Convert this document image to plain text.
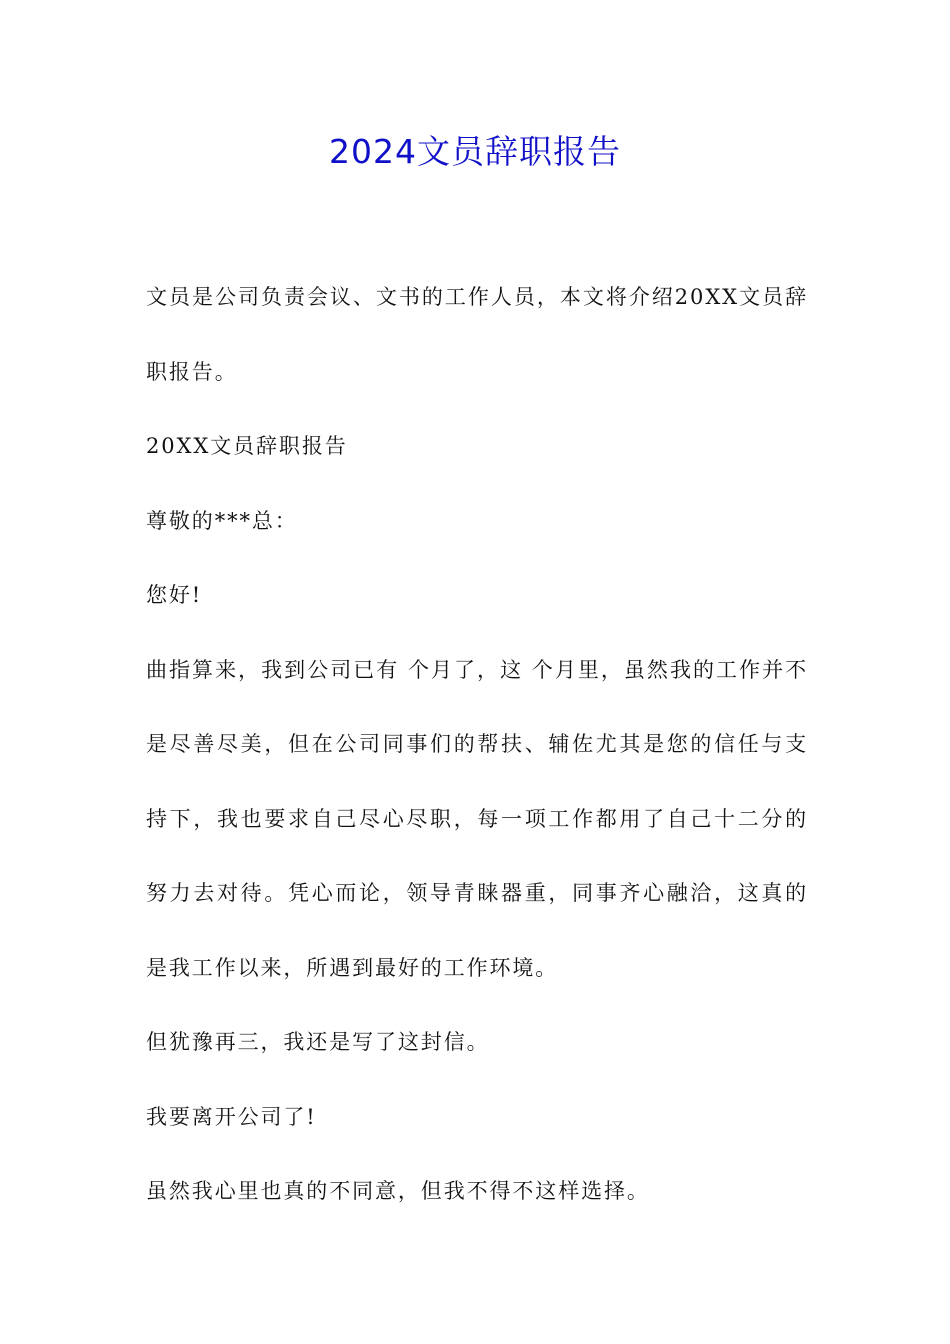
2024文员辞职报告

文员是公司负责会议、文书的工作人员，本文将介绍20XX文员辞职报告。

20XX文员辞职报告

尊敬的***总：

您好!

曲指算来，我到公司已有 个月了，这 个月里，虽然我的工作并不是尽善尽美，但在公司同事们的帮扶、辅佐尤其是您的信任与支持下，我也要求自己尽心尽职，每一项工作都用了自己十二分的努力去对待。凭心而论，领导青睐器重，同事齐心融洽，这真的是我工作以来，所遇到最好的工作环境。

但犹豫再三，我还是写了这封信。

我要离开公司了!

虽然我心里也真的不同意，但我不得不这样选择。
